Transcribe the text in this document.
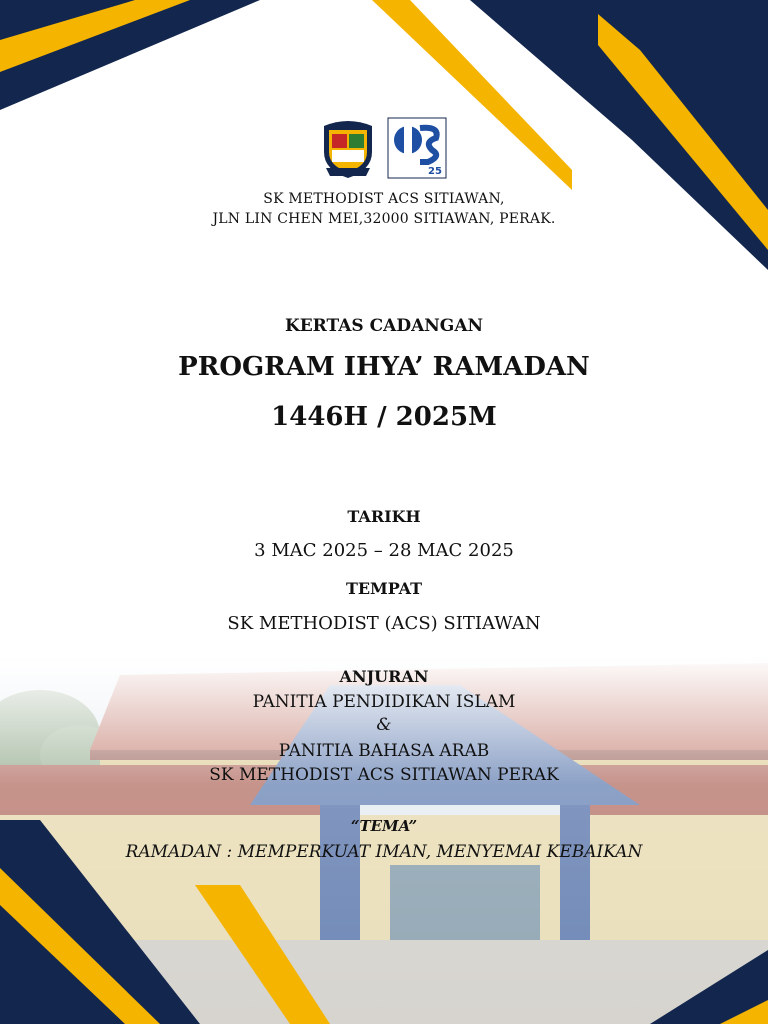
25
SK METHODIST ACS SITIAWAN,
JLN LIN CHEN MEI,32000 SITIAWAN, PERAK.
KERTAS CADANGAN
PROGRAM IHYA’ RAMADAN
1446H / 2025M
TARIKH
3 MAC 2025 – 28 MAC 2025
TEMPAT
SK METHODIST (ACS) SITIAWAN
ANJURAN
PANITIA PENDIDIKAN ISLAM
&
PANITIA BAHASA ARAB
SK METHODIST ACS SITIAWAN PERAK
“TEMA”
RAMADAN : MEMPERKUAT IMAN, MENYEMAI KEBAIKAN
